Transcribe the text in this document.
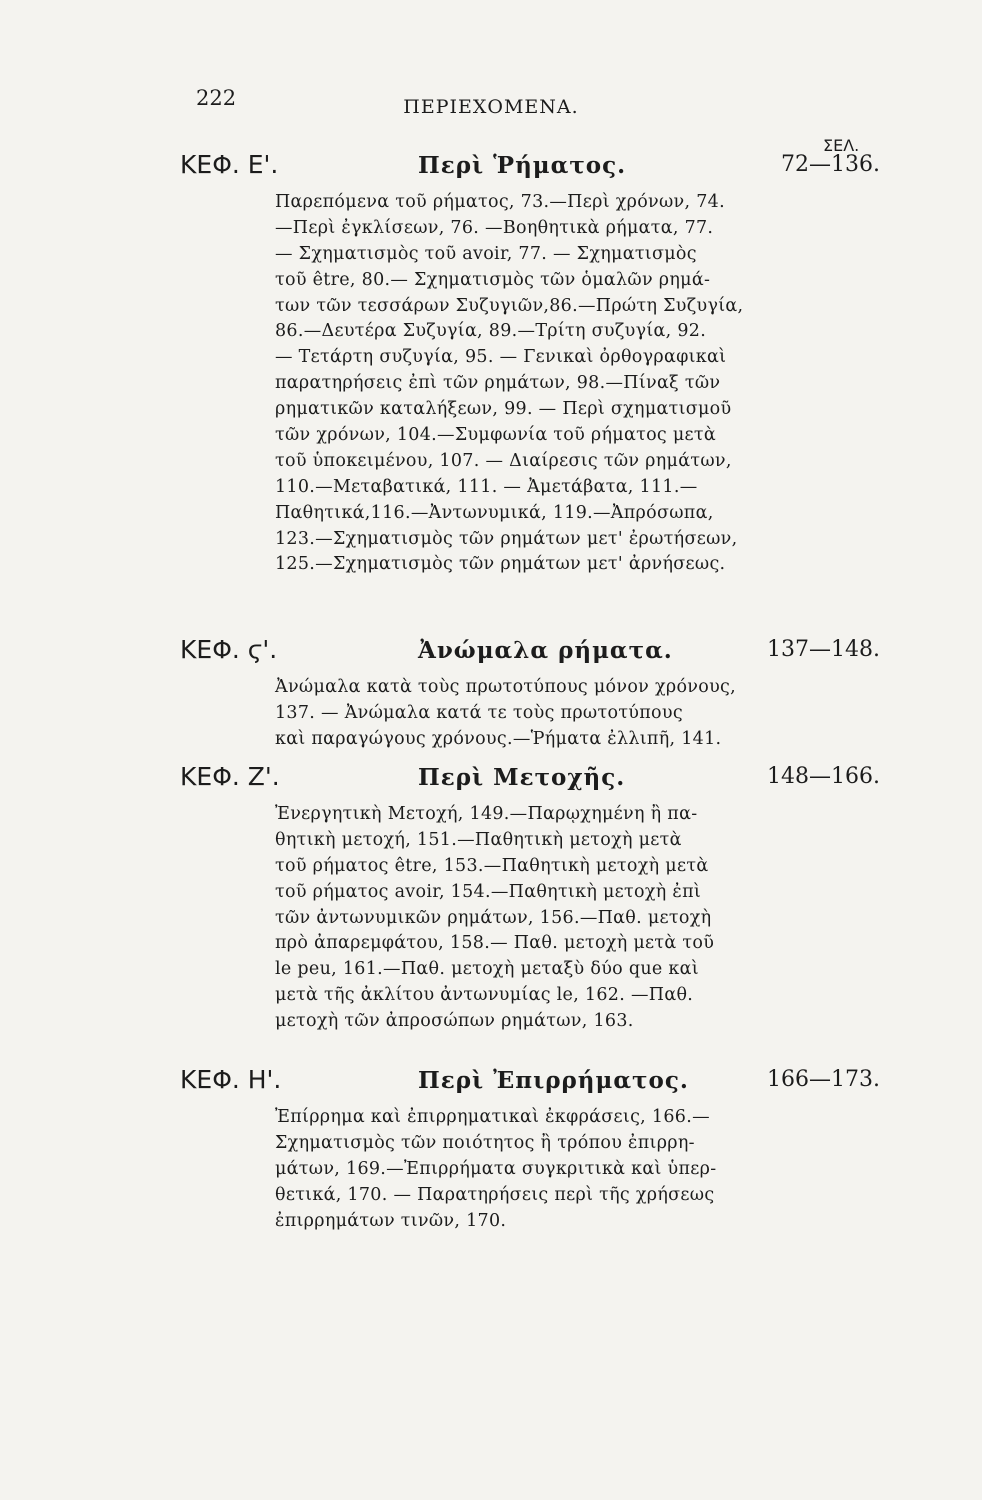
222	ΠΕΡΙΕΧΟΜΕΝΑ.
ΣΕΛ.
ΚΕΦ. Ε'.	Περὶ Ῥήματος.	72—136.
Παρεπόμενα τοῦ ρήματος, 73.—Περὶ χρόνων, 74.
—Περὶ ἐγκλίσεων, 76. —Βοηθητικὰ ρήματα, 77.
— Σχηματισμὸς τοῦ avoir, 77. — Σχηματισμὸς
τοῦ être, 80.— Σχηματισμὸς τῶν ὁμαλῶν ρημά-
των τῶν τεσσάρων Συζυγιῶν,86.—Πρώτη Συζυγία,
86.—Δευτέρα Συζυγία, 89.—Τρίτη συζυγία, 92.
— Τετάρτη συζυγία, 95. — Γενικαὶ ὀρθογραφικαὶ
παρατηρήσεις ἐπὶ τῶν ρημάτων, 98.—Πίναξ τῶν
ρηματικῶν καταλήξεων, 99. — Περὶ σχηματισμοῦ
τῶν χρόνων, 104.—Συμφωνία τοῦ ρήματος μετὰ
τοῦ ὑποκειμένου, 107. — Διαίρεσις τῶν ρημάτων,
110.—Μεταβατικά, 111. — Ἀμετάβατα, 111.—
Παθητικά,116.—Ἀντωνυμικά, 119.—Ἀπρόσωπα,
123.—Σχηματισμὸς τῶν ρημάτων μετ' ἐρωτήσεων,
125.—Σχηματισμὸς τῶν ρημάτων μετ' ἀρνήσεως.
ΚΕΦ. ϛ'.	Ἀνώμαλα ρήματα.	137—148.
Ἀνώμαλα κατὰ τοὺς πρωτοτύπους μόνον χρόνους,
137. — Ἀνώμαλα κατά τε τοὺς πρωτοτύπους
καὶ παραγώγους χρόνους.—Ῥήματα ἐλλιπῆ, 141.
ΚΕΦ. Ζ'.	Περὶ Μετοχῆς.	148—166.
Ἐνεργητικὴ Μετοχή, 149.—Παρῳχημένη ἢ πα-
θητικὴ μετοχή, 151.—Παθητικὴ μετοχὴ μετὰ
τοῦ ρήματος être, 153.—Παθητικὴ μετοχὴ μετὰ
τοῦ ρήματος avoir, 154.—Παθητικὴ μετοχὴ ἐπὶ
τῶν ἀντωνυμικῶν ρημάτων, 156.—Παθ. μετοχὴ
πρὸ ἀπαρεμφάτου, 158.— Παθ. μετοχὴ μετὰ τοῦ
le peu, 161.—Παθ. μετοχὴ μεταξὺ δύο que καὶ
μετὰ τῆς ἀκλίτου ἀντωνυμίας le, 162. —Παθ.
μετοχὴ τῶν ἀπροσώπων ρημάτων, 163.
ΚΕΦ. Η'.	Περὶ Ἐπιρρήματος.	166—173.
Ἐπίρρημα καὶ ἐπιρρηματικαὶ ἐκφράσεις, 166.—
Σχηματισμὸς τῶν ποιότητος ἢ τρόπου ἐπιρρη-
μάτων, 169.—Ἐπιρρήματα συγκριτικὰ καὶ ὑπερ-
θετικά, 170. — Παρατηρήσεις περὶ τῆς χρήσεως
ἐπιρρημάτων τινῶν, 170.
